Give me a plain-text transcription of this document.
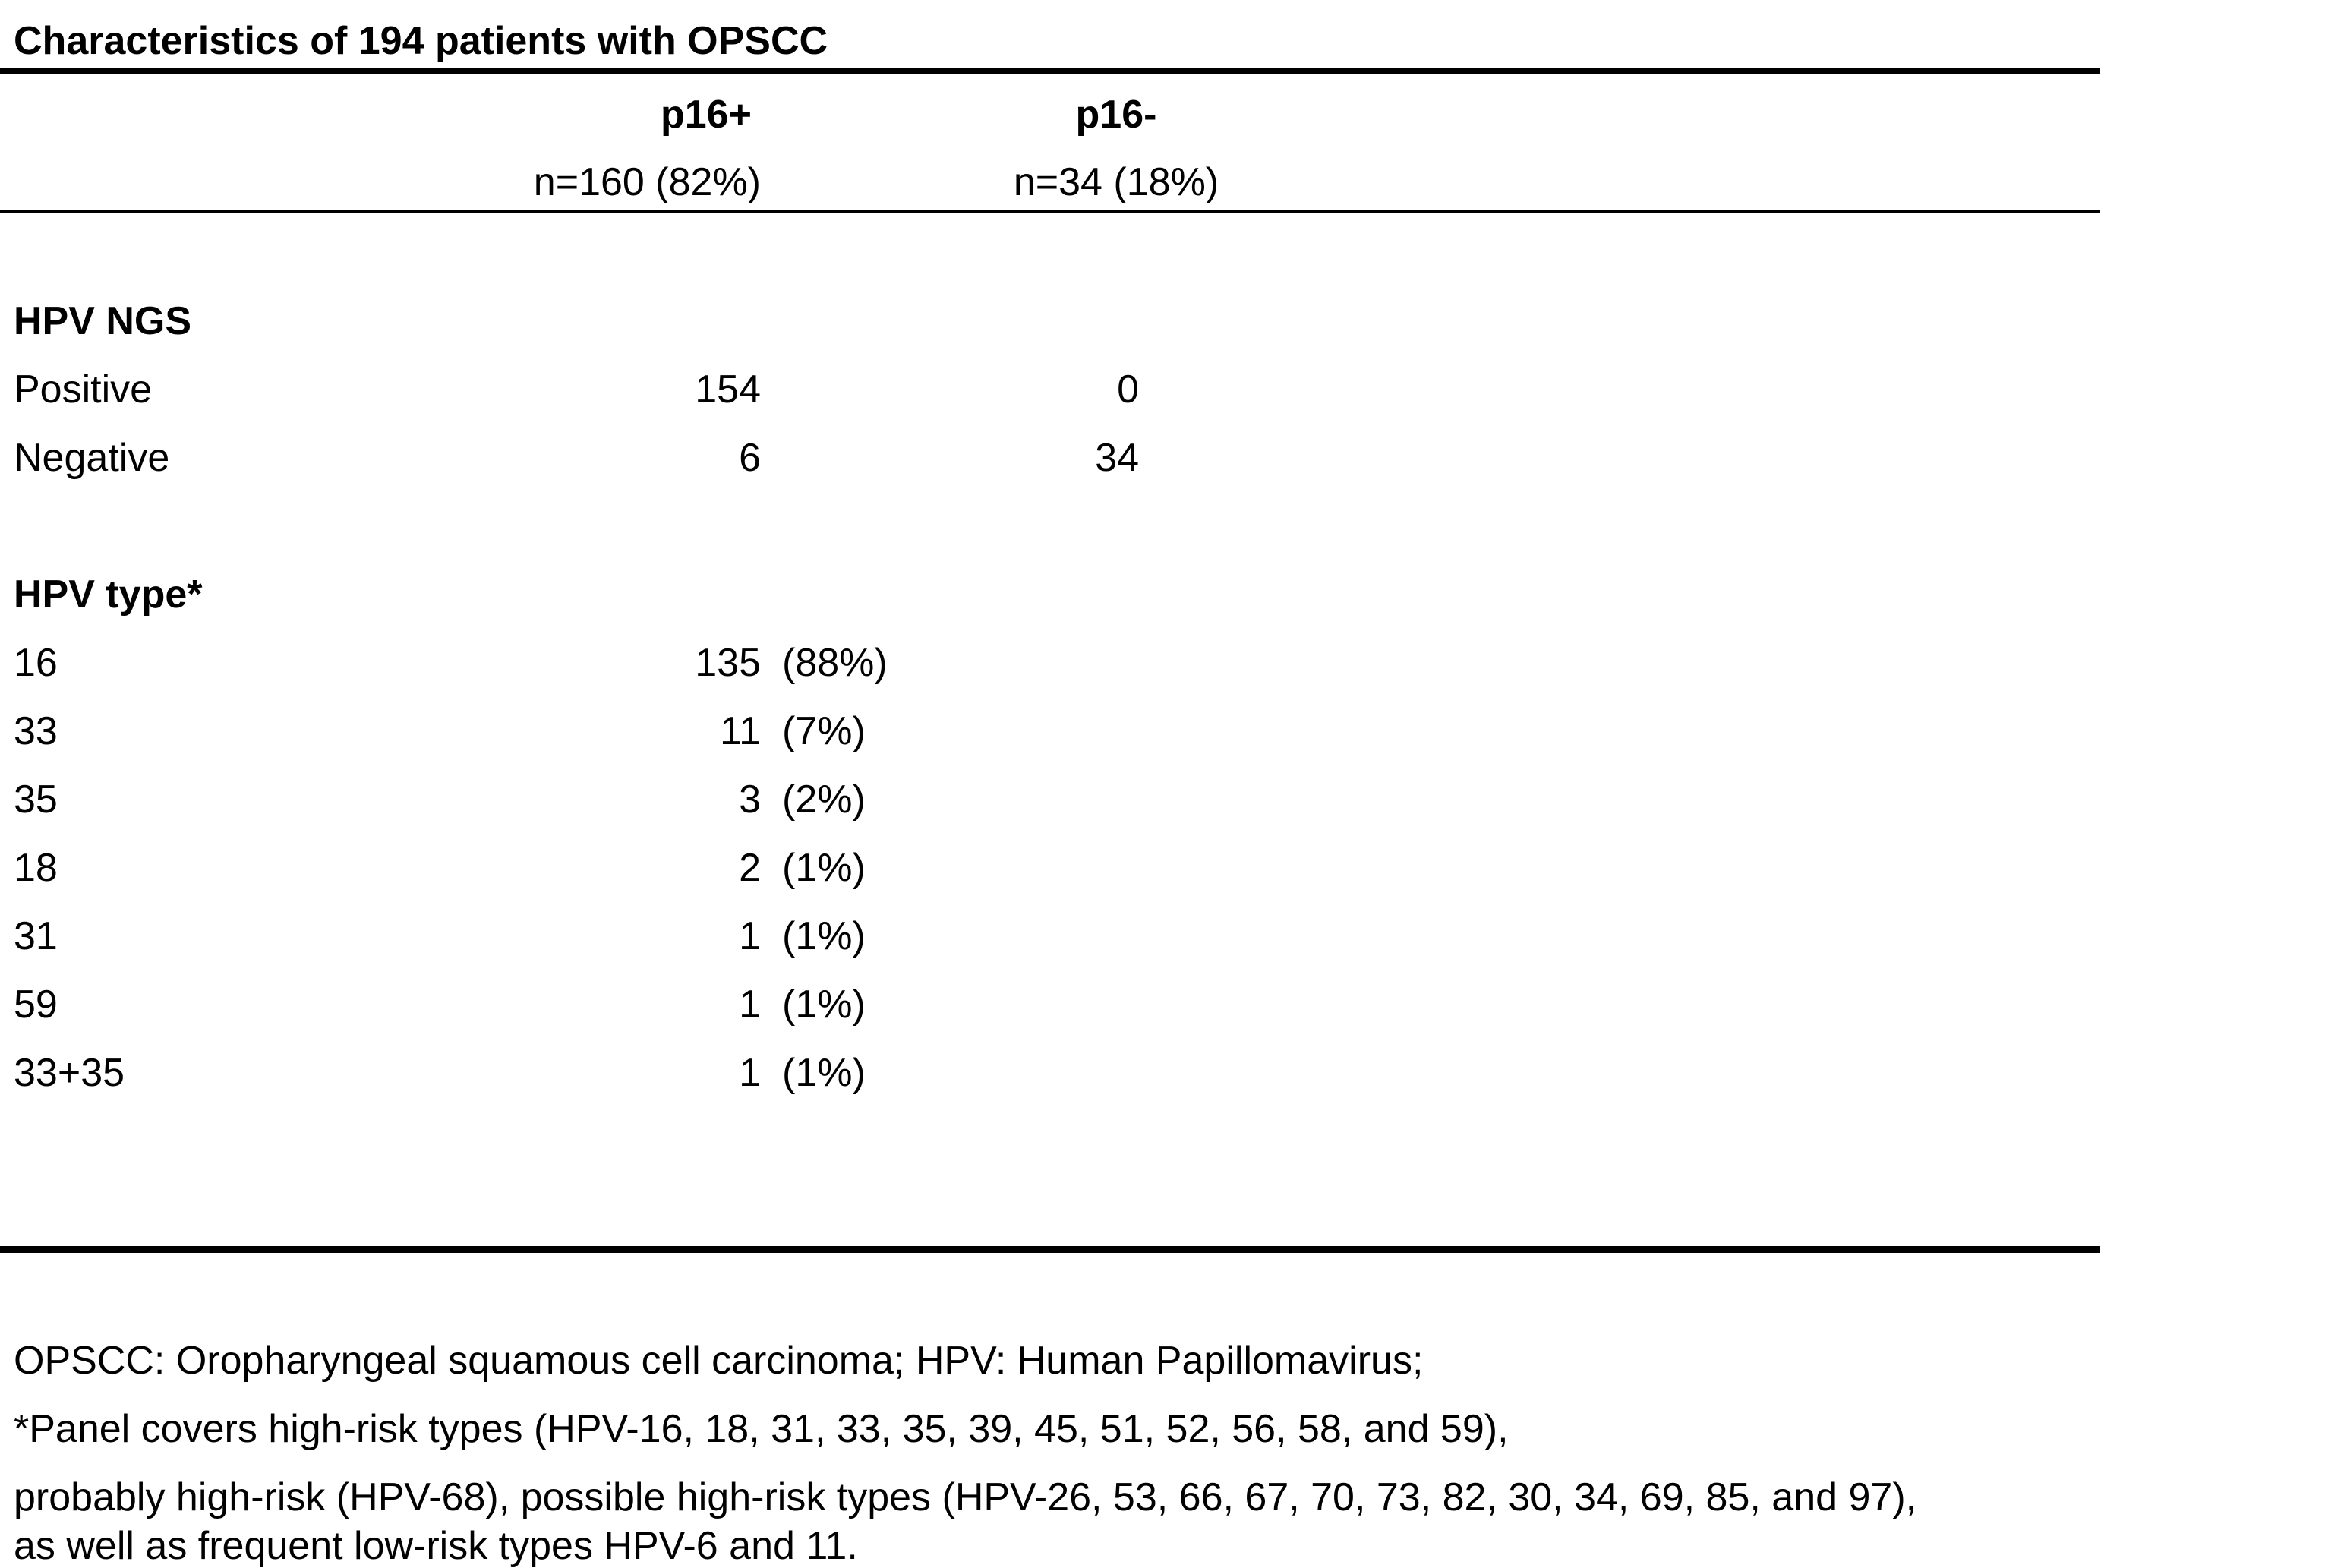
Characteristics of 194 patients with OPSCC
p16+	p16-
n=160 (82%)	n=34 (18%)
HPV NGS
Positive	154	0
Negative	6	34
HPV type*
16	135 (88%)
33	11 (7%)
35	3 (2%)
18	2 (1%)
31	1 (1%)
59	1 (1%)
33+35	1 (1%)
OPSCC: Oropharyngeal squamous cell carcinoma; HPV: Human Papillomavirus;
*Panel covers high-risk types (HPV-16, 18, 31, 33, 35, 39, 45, 51, 52, 56, 58, and 59),
probably high-risk (HPV-68), possible high-risk types (HPV-26, 53, 66, 67, 70, 73, 82, 30, 34, 69, 85, and 97),
as well as frequent low-risk types HPV-6 and 11.
